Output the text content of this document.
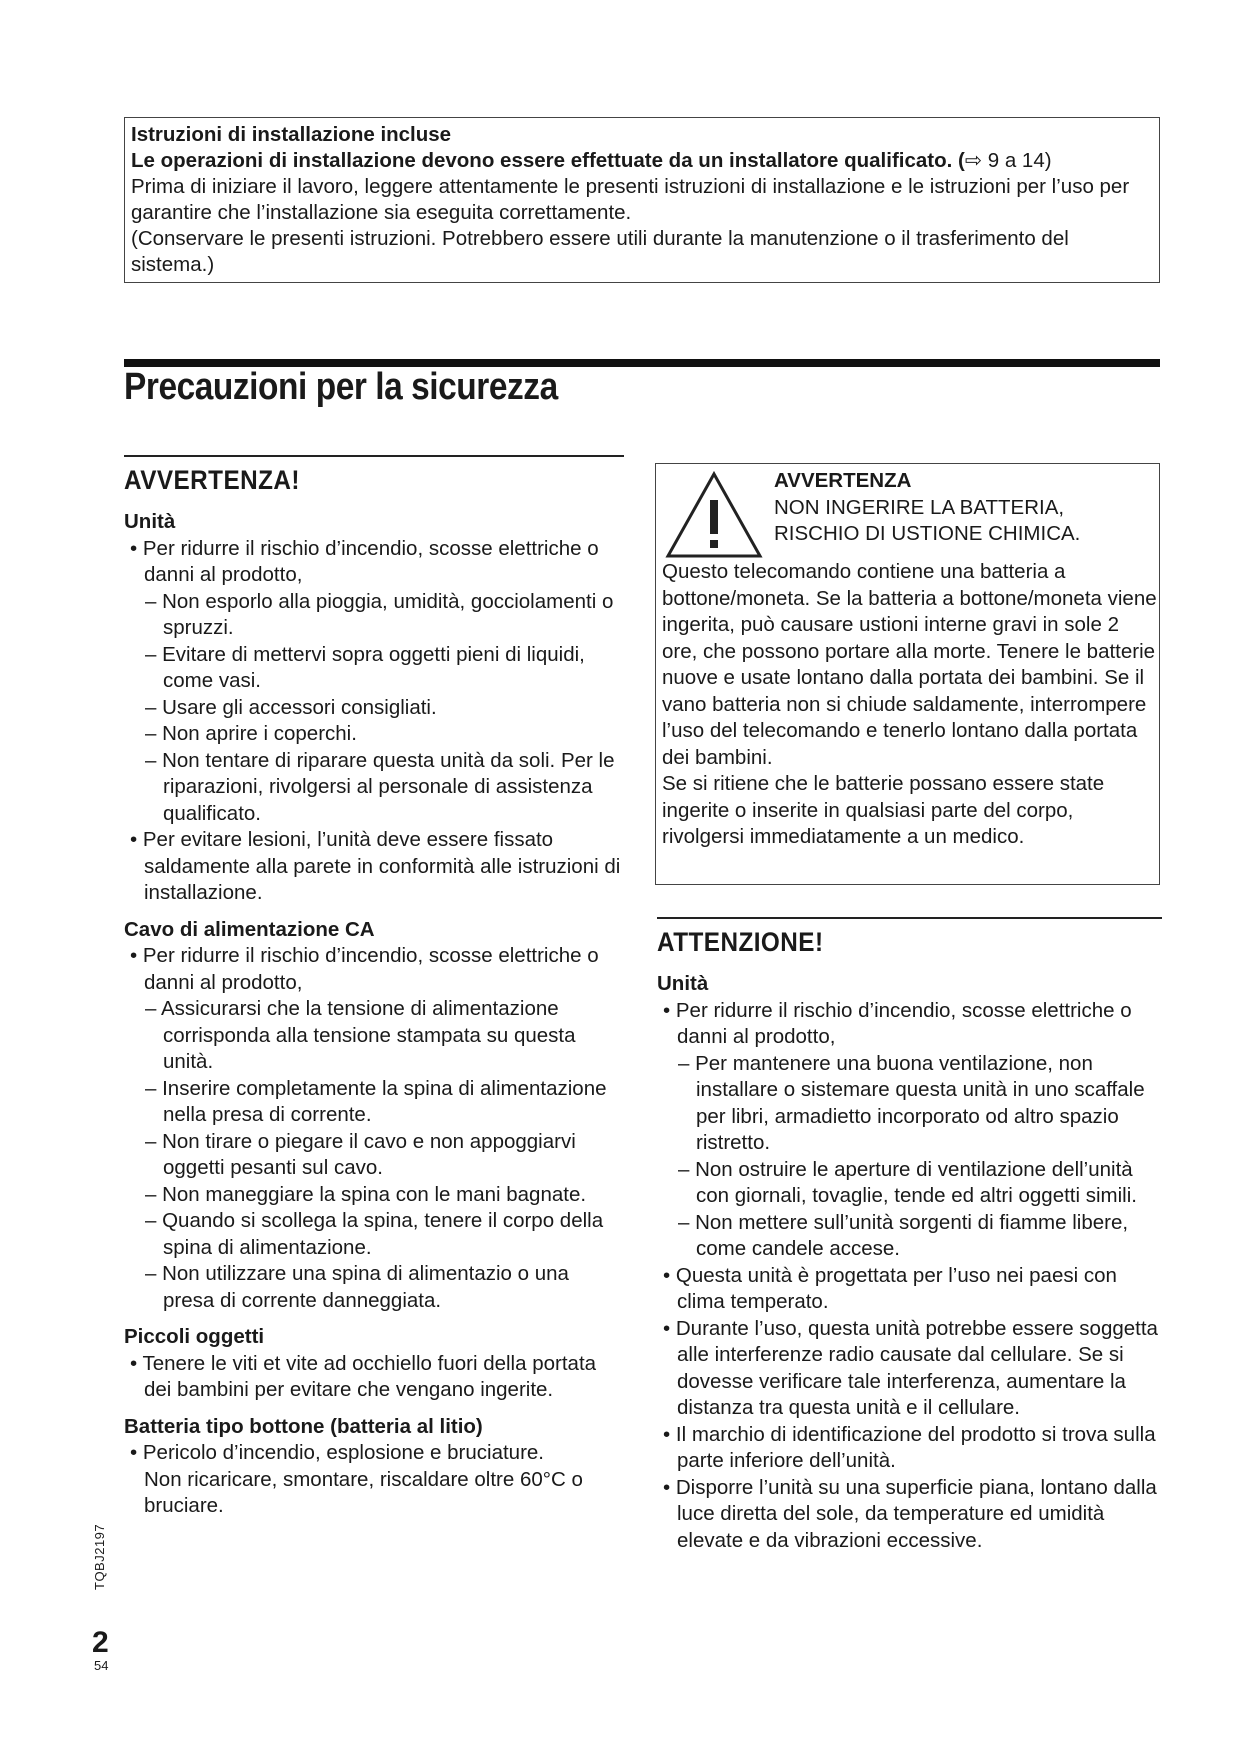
Istruzioni di installazione incluse
Le operazioni di installazione devono essere effettuate da un installatore qualificato. (⇨ 9 a 14)
Prima di iniziare il lavoro, leggere attentamente le presenti istruzioni di installazione e le istruzioni per l’uso per garantire che l’installazione sia eseguita correttamente.
(Conservare le presenti istruzioni. Potrebbero essere utili durante la manutenzione o il trasferimento del sistema.)
Precauzioni per la sicurezza
AVVERTENZA!
Unità
• Per ridurre il rischio d’incendio, scosse elettriche o danni al prodotto,
– Non esporlo alla pioggia, umidità, gocciolamenti o spruzzi.
– Evitare di mettervi sopra oggetti pieni di liquidi, come vasi.
– Usare gli accessori consigliati.
– Non aprire i coperchi.
– Non tentare di riparare questa unità da soli. Per le riparazioni, rivolgersi al personale di assistenza qualificato.
• Per evitare lesioni, l’unità deve essere fissato saldamente alla parete in conformità alle istruzioni di installazione.
Cavo di alimentazione CA
• Per ridurre il rischio d’incendio, scosse elettriche o danni al prodotto,
– Assicurarsi che la tensione di alimentazione corrisponda alla tensione stampata su questa unità.
– Inserire completamente la spina di alimentazione nella presa di corrente.
– Non tirare o piegare il cavo e non appoggiarvi oggetti pesanti sul cavo.
– Non maneggiare la spina con le mani bagnate.
– Quando si scollega la spina, tenere il corpo della spina di alimentazione.
– Non utilizzare una spina di alimentazio o una presa di corrente danneggiata.
Piccoli oggetti
• Tenere le viti et vite ad occhiello fuori della portata dei bambini per evitare che vengano ingerite.
Batteria tipo bottone (batteria al litio)
• Pericolo d’incendio, esplosione e bruciature.
Non ricaricare, smontare, riscaldare oltre 60°C o bruciare.
AVVERTENZA
NON INGERIRE LA BATTERIA,
RISCHIO DI USTIONE CHIMICA.
Questo telecomando contiene una batteria a bottone/moneta. Se la batteria a bottone/moneta viene ingerita, può causare ustioni interne gravi in sole 2 ore, che possono portare alla morte. Tenere le batterie nuove e usate lontano dalla portata dei bambini. Se il vano batteria non si chiude saldamente, interrompere l’uso del telecomando e tenerlo lontano dalla portata dei bambini.
Se si ritiene che le batterie possano essere state ingerite o inserite in qualsiasi parte del corpo, rivolgersi immediatamente a un medico.
ATTENZIONE!
Unità
• Per ridurre il rischio d’incendio, scosse elettriche o danni al prodotto,
– Per mantenere una buona ventilazione, non installare o sistemare questa unità in uno scaffale per libri, armadietto incorporato od altro spazio ristretto.
– Non ostruire le aperture di ventilazione dell’unità con giornali, tovaglie, tende ed altri oggetti simili.
– Non mettere sull’unità sorgenti di fiamme libere, come candele accese.
• Questa unità è progettata per l’uso nei paesi con clima temperato.
• Durante l’uso, questa unità potrebbe essere soggetta alle interferenze radio causate dal cellulare. Se si dovesse verificare tale interferenza, aumentare la distanza tra questa unità e il cellulare.
• Il marchio di identificazione del prodotto si trova sulla parte inferiore dell’unità.
• Disporre l’unità su una superficie piana, lontano dalla luce diretta del sole, da temperature ed umidità elevate e da vibrazioni eccessive.
TQBJ2197
2
54
